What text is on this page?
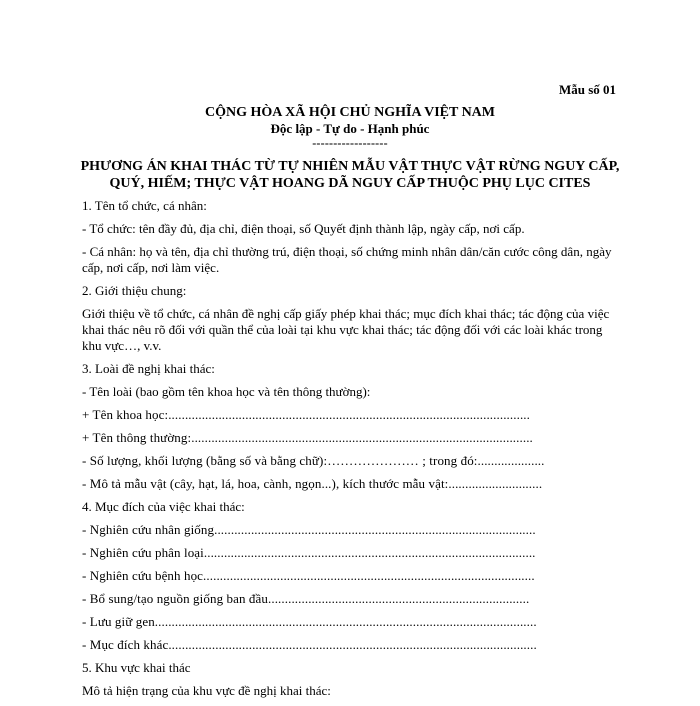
Mẫu số 01
CỘNG HÒA XÃ HỘI CHỦ NGHĨA VIỆT NAM
Độc lập - Tự do - Hạnh phúc
------------------
PHƯƠNG ÁN KHAI THÁC TỪ TỰ NHIÊN MẪU VẬT THỰC VẬT RỪNG NGUY CẤP,
QUÝ, HIẾM; THỰC VẬT HOANG DÃ NGUY CẤP THUỘC PHỤ LỤC CITES

1. Tên tổ chức, cá nhân:

- Tổ chức: tên đầy đủ, địa chỉ, điện thoại, số Quyết định thành lập, ngày cấp, nơi cấp.

- Cá nhân: họ và tên, địa chỉ thường trú, điện thoại, số chứng minh nhân dân/căn cước công dân, ngày cấp, nơi cấp, nơi làm việc.

2. Giới thiệu chung:

Giới thiệu về tổ chức, cá nhân đề nghị cấp giấy phép khai thác; mục đích khai thác; tác động của việc khai thác nêu rõ đối với quần thể của loài tại khu vực khai thác; tác động đối với các loài khác trong khu vực…, v.v.

3. Loài đề nghị khai thác:

- Tên loài (bao gồm tên khoa học và tên thông thường):

+ Tên khoa học:............................................................................................................

+ Tên thông thường:......................................................................................................

- Số lượng, khối lượng (bằng số và bằng chữ):………………… ; trong đó:....................

- Mô tả mẫu vật (cây, hạt, lá, hoa, cành, ngọn...), kích thước mẫu vật:............................

4. Mục đích của việc khai thác:

- Nghiên cứu nhân giống................................................................................................

- Nghiên cứu phân loại...................................................................................................

- Nghiên cứu bệnh học...................................................................................................

- Bổ sung/tạo nguồn giống ban đầu..............................................................................

- Lưu giữ gen..................................................................................................................

- Mục đích khác..............................................................................................................

5. Khu vực khai thác

Mô tả hiện trạng của khu vực đề nghị khai thác:
